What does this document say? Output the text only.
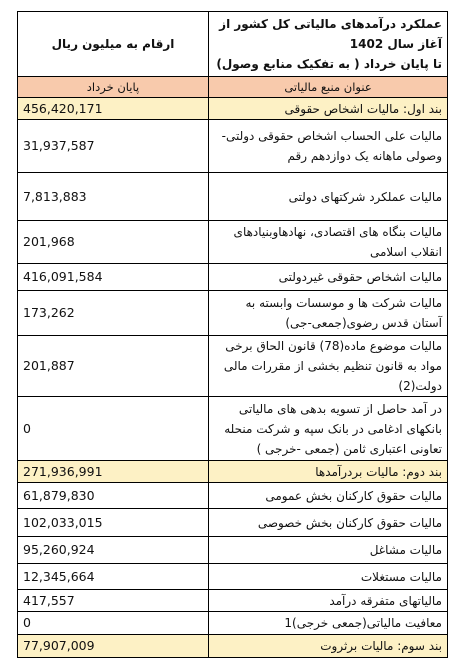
عملکرد درآمدهای مالیاتی کل کشور از آغاز سال 1402
تا پایان خرداد ( به تفکیک منابع وصول)	ارقام به میلیون ریال
عنوان منبع مالیاتی	پایان خرداد
بند اول: مالیات اشخاص حقوقی	456,420,171
مالیات علی الحساب اشخاص حقوقی دولتی-وصولی ماهانه یک دوازدهم رقم	31,937,587
مالیات عملکرد شرکتهای دولتی	7,813,883
مالیات بنگاه های اقتصادی، نهادهاوبنیادهای انقلاب اسلامی	201,968
مالیات اشخاص حقوقی غیردولتی	416,091,584
مالیات شرکت ها و موسسات وابسته به آستان قدس رضوی(جمعی-جی)	173,262
مالیات موضوع ماده(78) قانون الحاق برخی مواد به قانون تنظیم بخشی از مقررات مالی دولت(2)	201,887
در آمد حاصل از تسویه بدهی های مالیاتی بانکهای ادغامی در بانک سپه و شرکت منحله تعاونی اعتباری ثامن (جمعی -خرجی )	0
بند دوم: مالیات بردرآمدها	271,936,991
مالیات حقوق کارکنان بخش عمومی	61,879,830
مالیات حقوق کارکنان بخش خصوصی	102,033,015
مالیات مشاغل	95,260,924
مالیات مستغلات	12,345,664
مالیاتهای متفرقه درآمد	417,557
معافیت مالیاتی(جمعی خرجی)1	0
بند سوم: مالیات برثروت	77,907,009
